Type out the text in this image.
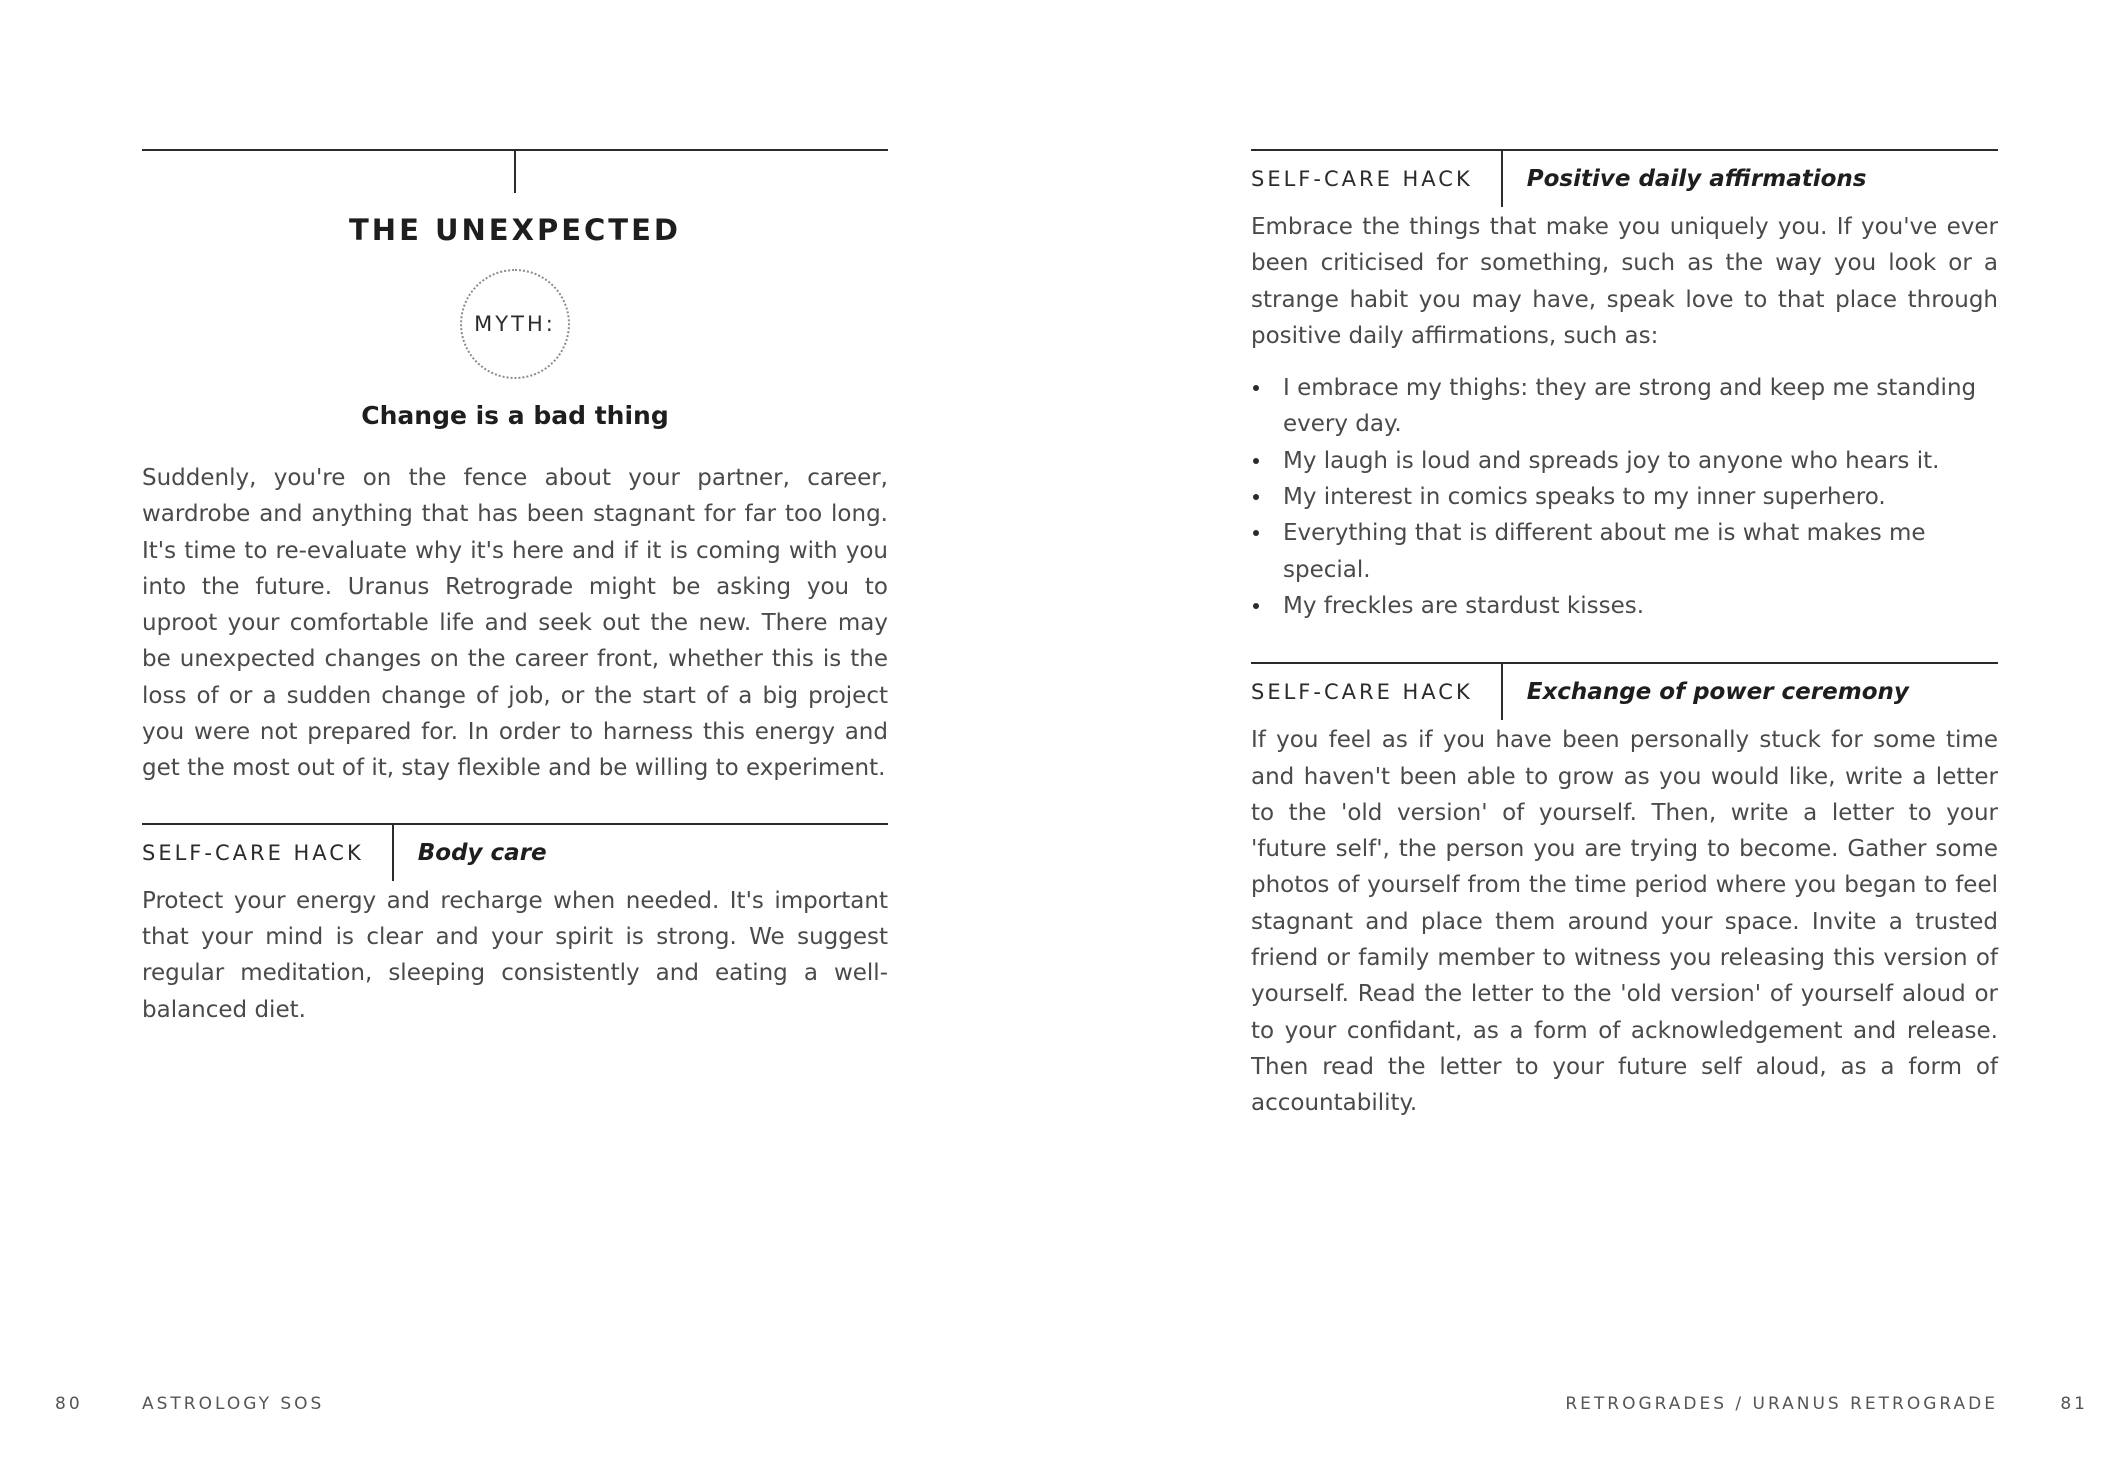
THE UNEXPECTED
MYTH:
Change is a bad thing

Suddenly, you're on the fence about your partner, career, wardrobe and anything that has been stagnant for far too long. It's time to re-evaluate why it's here and if it is coming with you into the future. Uranus Retrograde might be asking you to uproot your comfortable life and seek out the new. There may be unexpected changes on the career front, whether this is the loss of or a sudden change of job, or the start of a big project you were not prepared for. In order to harness this energy and get the most out of it, stay flexible and be willing to experiment.

SELF-CARE HACK	Body care

Protect your energy and recharge when needed. It's important that your mind is clear and your spirit is strong. We suggest regular meditation, sleeping consistently and eating a well-balanced diet.

SELF-CARE HACK	Positive daily affirmations

Embrace the things that make you uniquely you. If you've ever been criticised for something, such as the way you look or a strange habit you may have, speak love to that place through positive daily affirmations, such as:

I embrace my thighs: they are strong and keep me standing every day.
My laugh is loud and spreads joy to anyone who hears it.
My interest in comics speaks to my inner superhero.
Everything that is different about me is what makes me special.
My freckles are stardust kisses.
SELF-CARE HACK	Exchange of power ceremony

If you feel as if you have been personally stuck for some time and haven't been able to grow as you would like, write a letter to the 'old version' of yourself. Then, write a letter to your 'future self', the person you are trying to become. Gather some photos of yourself from the time period where you began to feel stagnant and place them around your space. Invite a trusted friend or family member to witness you releasing this version of yourself. Read the letter to the 'old version' of yourself aloud or to your confidant, as a form of acknowledgement and release. Then read the letter to your future self aloud, as a form of accountability.

80	ASTROLOGY SOS	RETROGRADES / URANUS RETROGRADE	81
